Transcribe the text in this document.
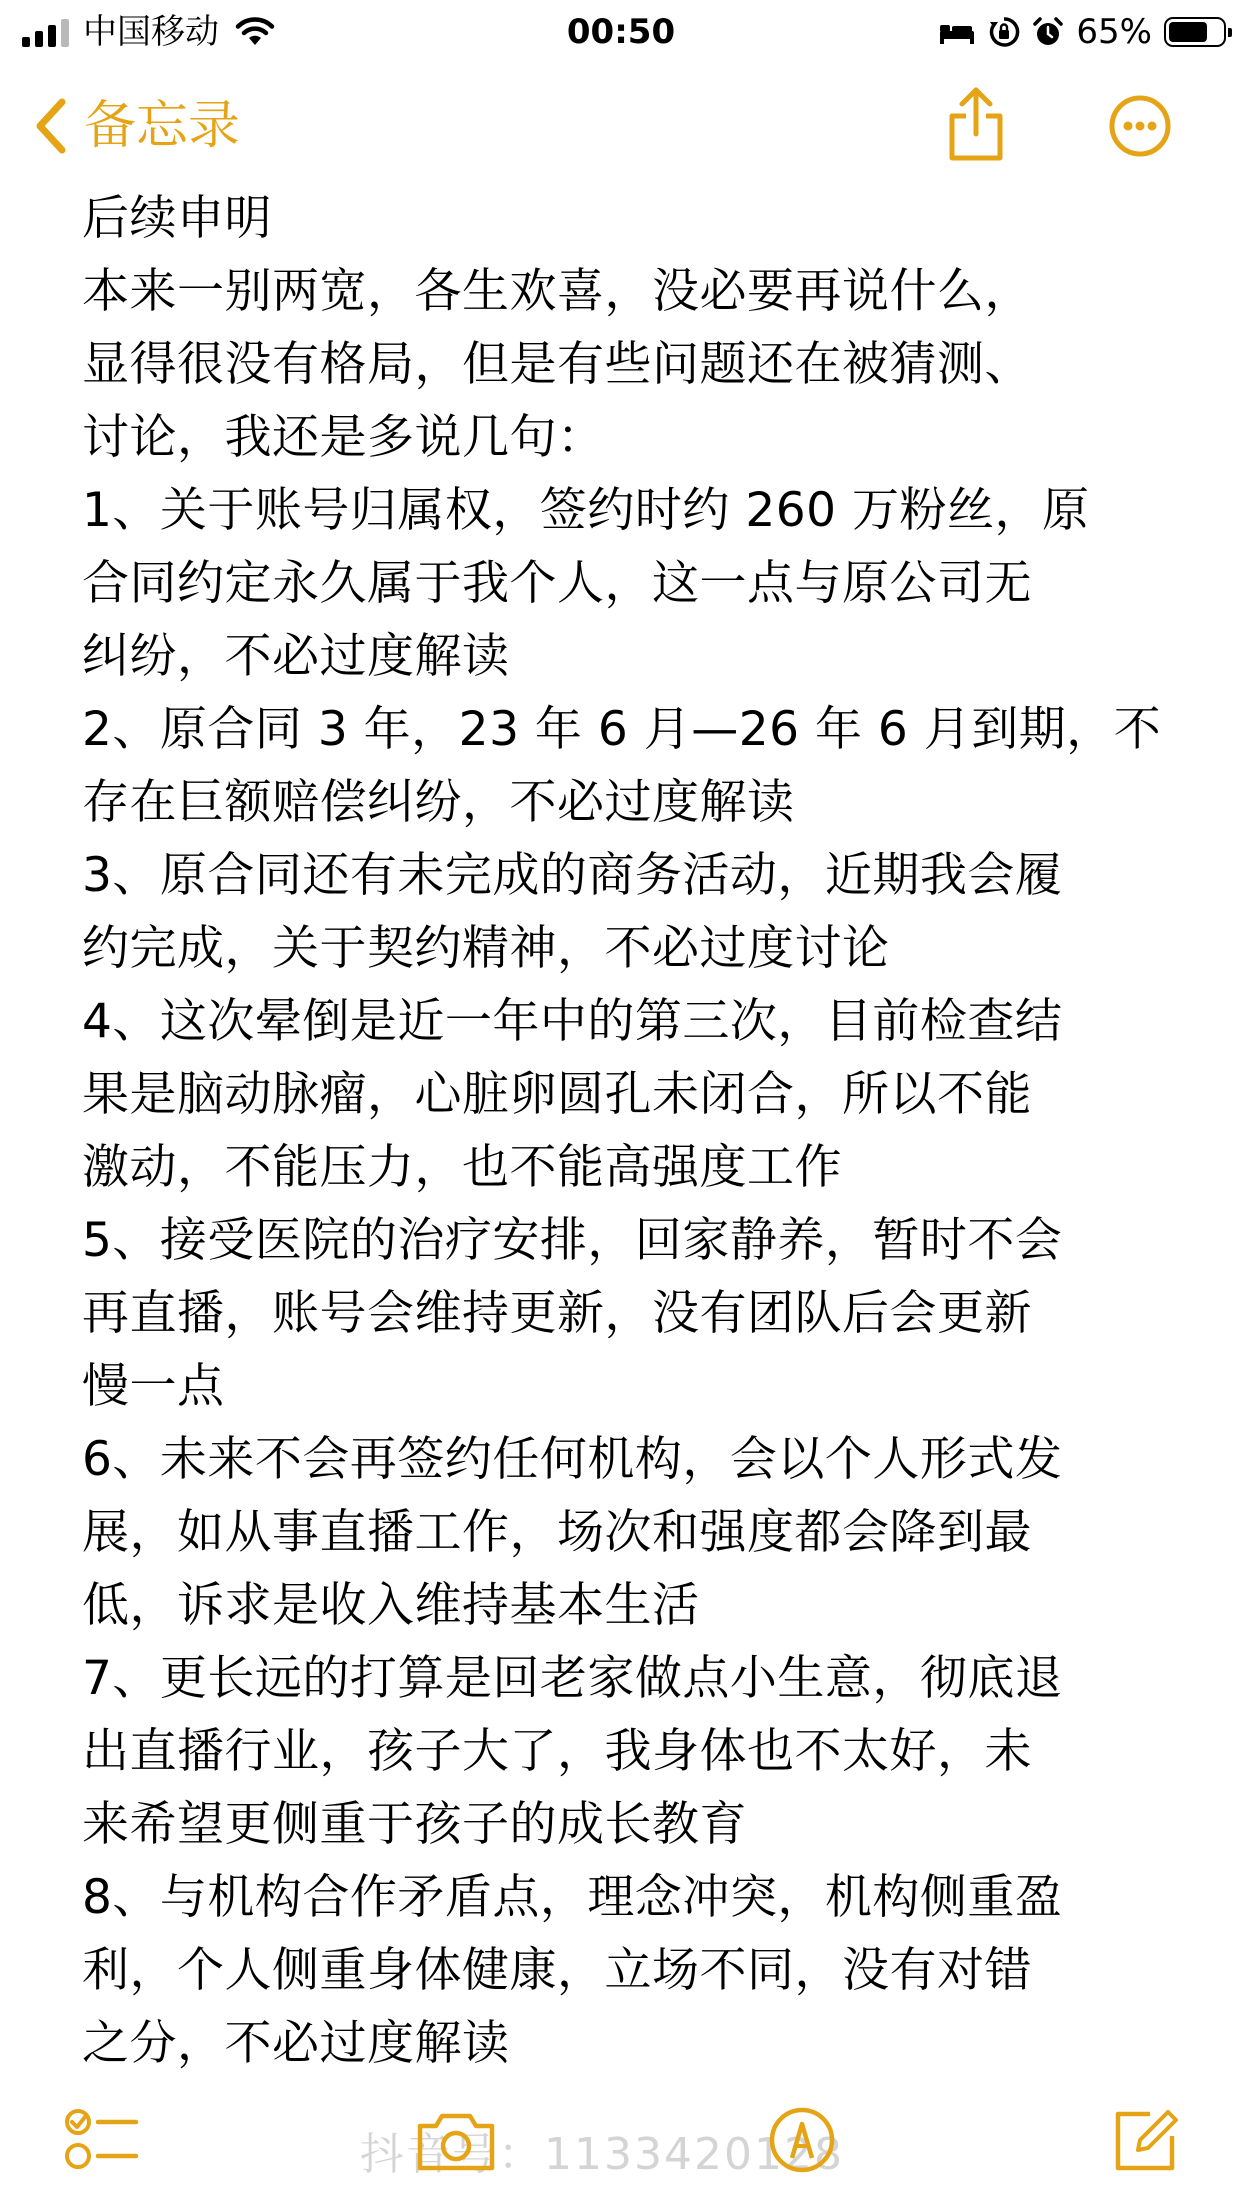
中国移动	00:50	65%
备忘录

后续申明

本来一别两宽，各生欢喜，没必要再说什么，

显得很没有格局，但是有些问题还在被猜测、

讨论，我还是多说几句：

1、关于账号归属权，签约时约 260 万粉丝，原

合同约定永久属于我个人，这一点与原公司无

纠纷，不必过度解读

2、原合同 3 年，23 年 6 月—26 年 6 月到期，不

存在巨额赔偿纠纷，不必过度解读

3、原合同还有未完成的商务活动，近期我会履

约完成，关于契约精神，不必过度讨论

4、这次晕倒是近一年中的第三次，目前检查结

果是脑动脉瘤，心脏卵圆孔未闭合，所以不能

激动，不能压力，也不能高强度工作

5、接受医院的治疗安排，回家静养，暂时不会

再直播，账号会维持更新，没有团队后会更新

慢一点

6、未来不会再签约任何机构，会以个人形式发

展，如从事直播工作，场次和强度都会降到最

低，诉求是收入维持基本生活

7、更长远的打算是回老家做点小生意，彻底退

出直播行业，孩子大了，我身体也不太好，未

来希望更侧重于孩子的成长教育

8、与机构合作矛盾点，理念冲突，机构侧重盈

利，个人侧重身体健康，立场不同，没有对错

之分，不必过度解读

抖音号：1133420128
